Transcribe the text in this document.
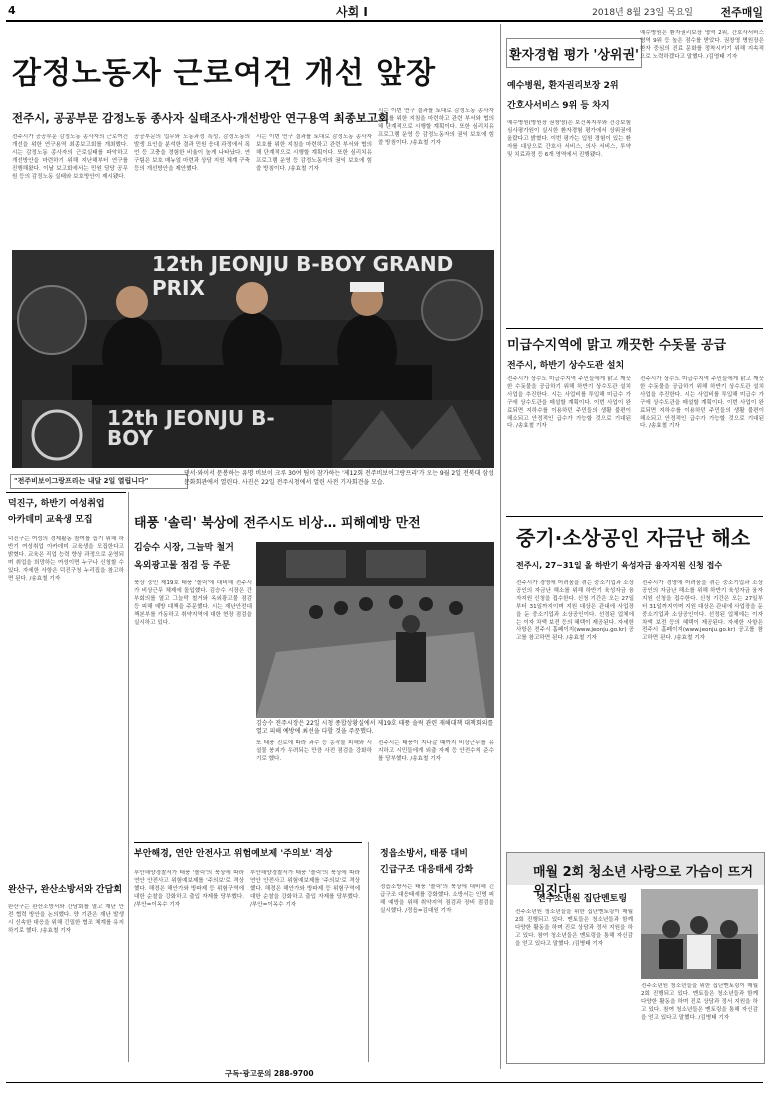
4	사회 I	2018년 8월 23일 목요일 전주매일
감정노동자 근로여건 개선 앞장
전주시, 공공부문 감정노동 종사자 실태조사·개선방안 연구용역 최종보고회

전주시가 공공부문 감정노동 종사자의 근로여건 개선을 위한 연구용역 최종보고회를 개최했다. 시는 감정노동 종사자의 근로실태를 파악하고 개선방안을 마련하기 위해 지난해부터 연구를 진행해왔다. 이날 보고회에서는 민원 담당 공무원 등의 감정노동 실태와 보호방안이 제시됐다.

공공부문의 업무와 노동과정 특성, 감정노동의 발생 요인을 분석한 결과 민원 응대 과정에서 폭언 등 고충을 경험한 비율이 높게 나타났다. 연구팀은 보호 매뉴얼 마련과 상담 지원 체계 구축 등의 개선방안을 제안했다.

시는 이번 연구 결과를 토대로 감정노동 종사자 보호를 위한 지침을 마련하고 관련 부서와 협의해 단계적으로 시행할 계획이다. 또한 심리치유 프로그램 운영 등 감정노동자의 권익 보호에 힘쓸 방침이다. /송효철 기자

시는 이번 연구 결과를 토대로 감정노동 종사자 보호를 위한 지침을 마련하고 관련 부서와 협의해 단계적으로 시행할 계획이다. 또한 심리치유 프로그램 운영 등 감정노동자의 권익 보호에 힘쓸 방침이다. /송효철 기자

12th JEONJU B-BOY GRAND PRIX
12th JEONJU B-BOY
"전주비보이그랑프리는 내달 2일 열립니다"
댄서·와이서 문봉하는 유명 비보이 크루 30여 팀이 참가하는 '제12회 전주비보이그랑프리'가 오는 9월 2일 전북대 삼성문화회관에서 열린다. 사진은 22일 전주시청에서 열린 사전 기자회견을 모습.
환자경험 평가 '상위권'
예수병원, 환자권리보장 2위
간호사서비스 9위 등 차지

예수병원(병원장 권창영)은 보건복지부와 건강보험심사평가원이 실시한 환자경험 평가에서 상위권에 올랐다고 밝혔다. 이번 평가는 입원 경험이 있는 환자를 대상으로 간호사 서비스, 의사 서비스, 투약 및 치료과정 등 6개 영역에서 진행됐다.

예수병원은 환자권리보장 영역 2위, 간호사서비스 영역 9위 등 높은 점수를 받았다. 권창영 병원장은 환자 중심의 진료 문화를 정착시키기 위해 지속적으로 노력하겠다고 말했다. /김영태 기자

미급수지역에 맑고 깨끗한 수돗물 공급
전주시, 하반기 상수도관 설치

전주시가 상수도 미급수지역 주민들에게 맑고 깨끗한 수돗물을 공급하기 위해 하반기 상수도관 설치 사업을 추진한다. 시는 사업비를 투입해 미급수 가구에 상수도관을 매설할 계획이다. 이번 사업이 완료되면 지하수를 이용하던 주민들의 생활 불편이 해소되고 안정적인 급수가 가능할 것으로 기대된다. /송효철 기자

전주시가 상수도 미급수지역 주민들에게 맑고 깨끗한 수돗물을 공급하기 위해 하반기 상수도관 설치 사업을 추진한다. 시는 사업비를 투입해 미급수 가구에 상수도관을 매설할 계획이다. 이번 사업이 완료되면 지하수를 이용하던 주민들의 생활 불편이 해소되고 안정적인 급수가 가능할 것으로 기대된다. /송효철 기자

중기·소상공인 자금난 해소
전주시, 27~31일 올 하반기 육성자금 융자지원 신청 접수

전주시가 경영에 어려움을 겪는 중소기업과 소상공인의 자금난 해소를 위해 하반기 육성자금 융자지원 신청을 접수한다. 신청 기간은 오는 27일부터 31일까지이며 지원 대상은 관내에 사업장을 둔 중소기업과 소상공인이다. 선정된 업체에는 이자 차액 보전 등의 혜택이 제공된다. 자세한 사항은 전주시 홈페이지(www.jeonju.go.kr) 공고를 참고하면 된다. /송효철 기자

전주시가 경영에 어려움을 겪는 중소기업과 소상공인의 자금난 해소를 위해 하반기 육성자금 융자지원 신청을 접수한다. 신청 기간은 오는 27일부터 31일까지이며 지원 대상은 관내에 사업장을 둔 중소기업과 소상공인이다. 선정된 업체에는 이자 차액 보전 등의 혜택이 제공된다. 자세한 사항은 전주시 홈페이지(www.jeonju.go.kr) 공고를 참고하면 된다. /송효철 기자

매월 2회 청소년 사랑으로 가슴이 뜨거위진다
전주소년원 집단멘토링

전주소년원 청소년들을 위한 집단멘토링이 매월 2회 진행되고 있다. 멘토들은 청소년들과 함께 다양한 활동을 하며 진로 상담과 정서 지원을 하고 있다. 참여 청소년들은 멘토링을 통해 자신감을 얻고 있다고 말했다. /김병태 기자

전주소년원 청소년들을 위한 집단멘토링이 매월 2회 진행되고 있다. 멘토들은 청소년들과 함께 다양한 활동을 하며 진로 상담과 정서 지원을 하고 있다. 참여 청소년들은 멘토링을 통해 자신감을 얻고 있다고 말했다. /김병태 기자

덕진구, 하반기 여성취업
아카데미 교육생 모집

덕진구는 여성의 경제활동 참여를 돕기 위해 하반기 여성취업 아카데미 교육생을 모집한다고 밝혔다. 교육은 직업 능력 향상 과정으로 운영되며 취업을 희망하는 여성이면 누구나 신청할 수 있다. 자세한 사항은 덕진구청 누리집을 참고하면 된다. /송효철 기자

완산구, 완산소방서와 간담회

완산구는 완산소방서와 간담회를 열고 재난 안전 협력 방안을 논의했다. 양 기관은 재난 발생 시 신속한 대응을 위해 긴밀한 협조 체계를 유지하기로 했다. /송효철 기자

태풍 '솔릭' 북상에 전주시도 비상… 피해예방 만전
김승수 시장, 그늘막 철거
옥외광고물 점검 등 주문

북상 중인 제19호 태풍 '솔릭'에 대비해 전주시가 비상근무 체제에 돌입했다. 김승수 시장은 간부회의를 열고 그늘막 철거와 옥외광고물 점검 등 피해 예방 대책을 주문했다. 시는 재난안전대책본부를 가동하고 취약지역에 대한 현장 점검을 실시하고 있다.

김승수 전주시장은 22일 시청 종합상황실에서 제19호 태풍 솔릭 관련 재해대책 대책회의를 열고 피해 예방에 최선을 다할 것을 주문했다.

또 태풍 진로에 따라 과수 등 농작물 피해와 시설물 붕괴가 우려되는 만큼 사전 점검을 강화하기로 했다.

전주시는 태풍이 지나갈 때까지 비상근무를 유지하고 시민들에게 외출 자제 등 안전수칙 준수를 당부했다. /송효철 기자

부안해경, 연안 안전사고 위험예보제 '주의보' 격상

부안해양경찰서가 태풍 '솔릭'의 북상에 따라 연안 안전사고 위험예보제를 '주의보'로 격상했다. 해경은 해안가와 방파제 등 위험구역에 대한 순찰을 강화하고 출입 자제를 당부했다. /부안=이옥수 기자

부안해양경찰서가 태풍 '솔릭'의 북상에 따라 연안 안전사고 위험예보제를 '주의보'로 격상했다. 해경은 해안가와 방파제 등 위험구역에 대한 순찰을 강화하고 출입 자제를 당부했다. /부안=이옥수 기자

정읍소방서, 태풍 대비
긴급구조 대응태세 강화

정읍소방서는 태풍 '솔릭'의 북상에 대비해 긴급구조 대응태세를 강화했다. 소방서는 인명 피해 예방을 위해 취약지역 점검과 장비 점검을 실시했다. /정읍=김대원 기자

구독·광고문의 288-9700
